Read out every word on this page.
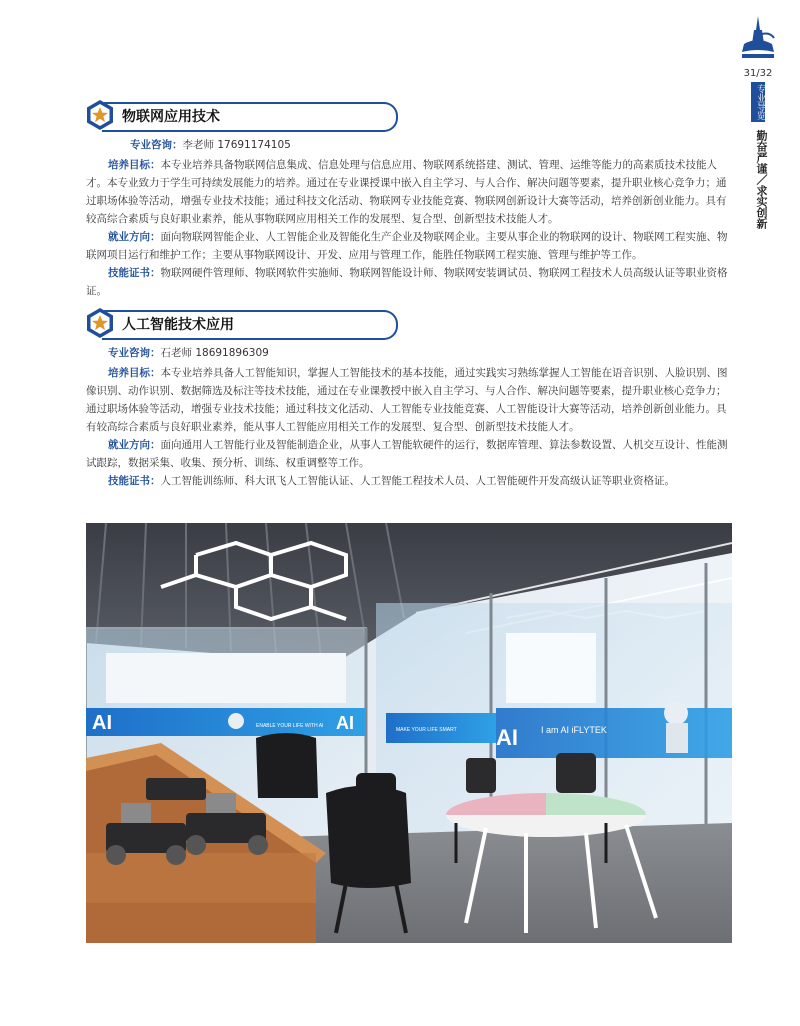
31/32
专业导览
勤奋严谨／求实创新
物联网应用技术
专业咨询：李老师 17691174105
培养目标：本专业培养具备物联网信息集成、信息处理与信息应用、物联网系统搭建、测试、管理、运维等能力的高素质技术技能人才。本专业致力于学生可持续发展能力的培养。通过在专业课授课中嵌入自主学习、与人合作、解决问题等要素，提升职业核心竞争力；通过职场体验等活动，增强专业技术技能；通过科技文化活动、物联网专业技能竞赛、物联网创新设计大赛等活动，培养创新创业能力。具有较高综合素质与良好职业素养，能从事物联网应用相关工作的发展型、复合型、创新型技术技能人才。
就业方向：面向物联网智能企业、人工智能企业及智能化生产企业及物联网企业。主要从事企业的物联网的设计、物联网工程实施、物联网项目运行和维护工作；主要从事物联网设计、开发、应用与管理工作，能胜任物联网工程实施、管理与维护等工作。
技能证书：物联网硬件管理师、物联网软件实施师、物联网智能设计师、物联网安装调试员、物联网工程技术人员高级认证等职业资格证。
人工智能技术应用
专业咨询：石老师 18691896309
培养目标：本专业培养具备人工智能知识，掌握人工智能技术的基本技能，通过实践实习熟练掌握人工智能在语音识别、人脸识别、图像识别、动作识别、数据筛选及标注等技术技能，通过在专业课教授中嵌入自主学习、与人合作、解决问题等要素，提升职业核心竞争力；通过职场体验等活动，增强专业技术技能；通过科技文化活动、人工智能专业技能竞赛、人工智能设计大赛等活动，培养创新创业能力。具有较高综合素质与良好职业素养，能从事人工智能应用相关工作的发展型、复合型、创新型技术技能人才。
就业方向：面向通用人工智能行业及智能制造企业，从事人工智能软硬件的运行，数据库管理、算法参数设置、人机交互设计、性能测试跟踪，数据采集、收集、预分析、训练、权重调整等工作。
技能证书：人工智能训练师、科大讯飞人工智能认证、人工智能工程技术人员、人工智能硬件开发高级认证等职业资格证。
AI	AI
ENABLE YOUR LIFE WITH AI
MAKE YOUR LIFE SMART AI	I am AI iFLYTEK
